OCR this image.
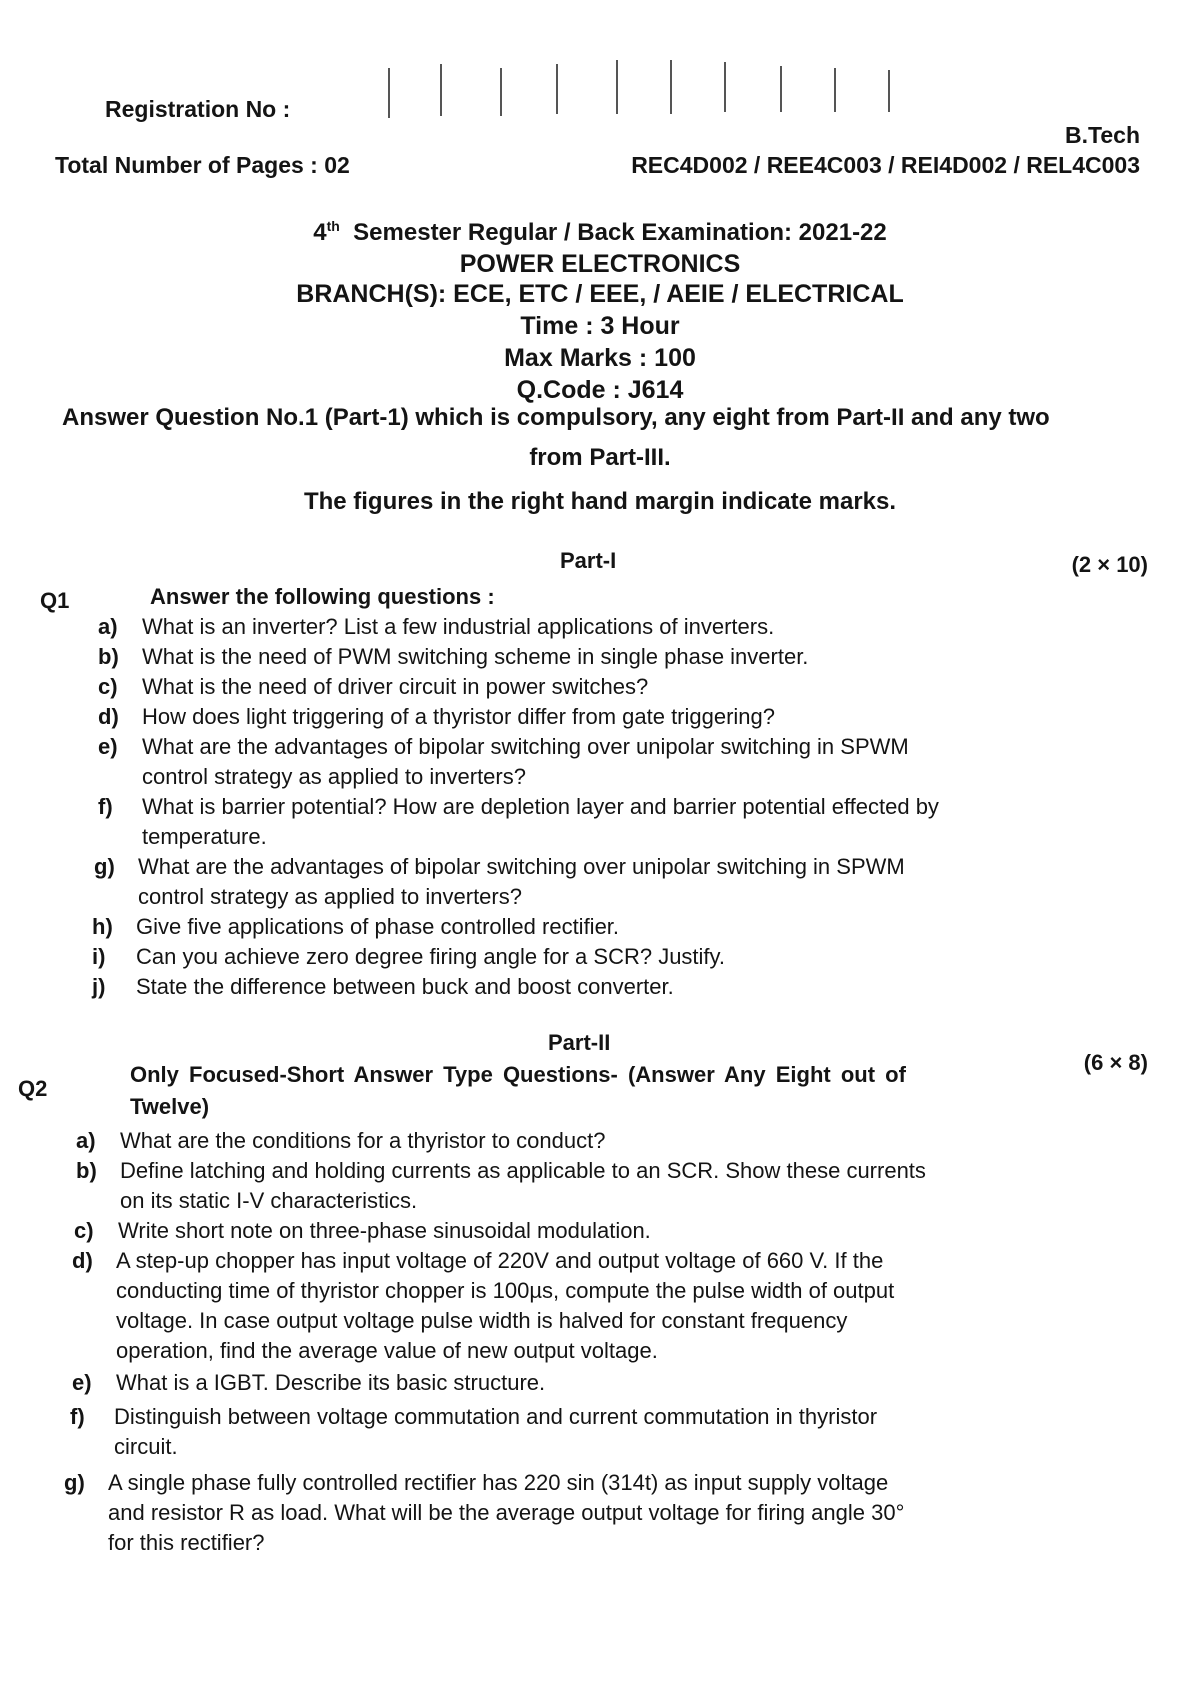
Registration No :
B.Tech
Total Number of Pages : 02	REC4D002 / REE4C003 / REI4D002 / REL4C003
4th Semester Regular / Back Examination: 2021-22
POWER ELECTRONICS
BRANCH(S): ECE, ETC / EEE, / AEIE / ELECTRICAL
Time : 3 Hour
Max Marks : 100
Q.Code : J614
Answer Question No.1 (Part-1) which is compulsory, any eight from Part-II and any two
from Part-III.
The figures in the right hand margin indicate marks.
Part-I	(2 × 10)
Q1	Answer the following questions :
a) What is an inverter? List a few industrial applications of inverters.
b) What is the need of PWM switching scheme in single phase inverter.
c) What is the need of driver circuit in power switches?
d) How does light triggering of a thyristor differ from gate triggering?
e) What are the advantages of bipolar switching over unipolar switching in SPWM
control strategy as applied to inverters?
f) What is barrier potential? How are depletion layer and barrier potential effected by
temperature.
g) What are the advantages of bipolar switching over unipolar switching in SPWM
control strategy as applied to inverters?
h) Give five applications of phase controlled rectifier.
i) Can you achieve zero degree firing angle for a SCR? Justify.
j) State the difference between buck and boost converter.
Part-II
(6 × 8)
Q2
Only Focused-Short Answer Type Questions- (Answer Any Eight out of
Twelve)
a) What are the conditions for a thyristor to conduct?
b) Define latching and holding currents as applicable to an SCR. Show these currents
on its static I-V characteristics.
c) Write short note on three-phase sinusoidal modulation.
d) A step-up chopper has input voltage of 220V and output voltage of 660 V. If the
conducting time of thyristor chopper is 100µs, compute the pulse width of output
voltage. In case output voltage pulse width is halved for constant frequency
operation, find the average value of new output voltage.
e) What is a IGBT. Describe its basic structure.
f) Distinguish between voltage commutation and current commutation in thyristor
circuit.
g) A single phase fully controlled rectifier has 220 sin (314t) as input supply voltage
and resistor R as load. What will be the average output voltage for firing angle 30°
for this rectifier?
